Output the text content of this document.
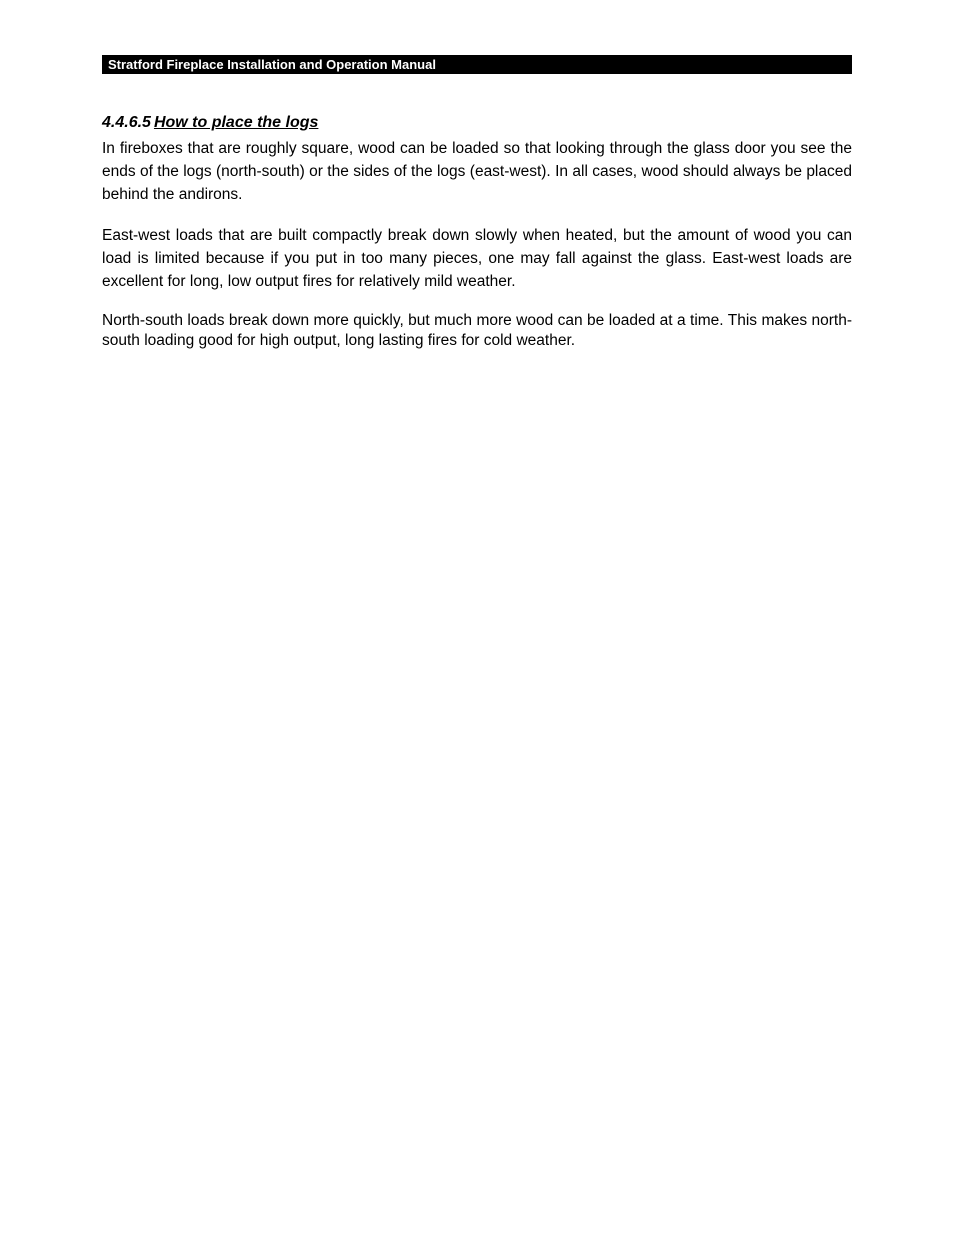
Stratford Fireplace Installation and Operation Manual
4.4.6.5 How to place the logs

In fireboxes that are roughly square, wood can be loaded so that looking through the glass door you see the ends of the logs (north-south) or the sides of the logs (east-west). In all cases, wood should always be placed behind the andirons.

East-west loads that are built compactly break down slowly when heated, but the amount of wood you can load is limited because if you put in too many pieces, one may fall against the glass. East-west loads are excellent for long, low output fires for relatively mild weather.

North-south loads break down more quickly, but much more wood can be loaded at a time. This makes north-south loading good for high output, long lasting fires for cold weather.
